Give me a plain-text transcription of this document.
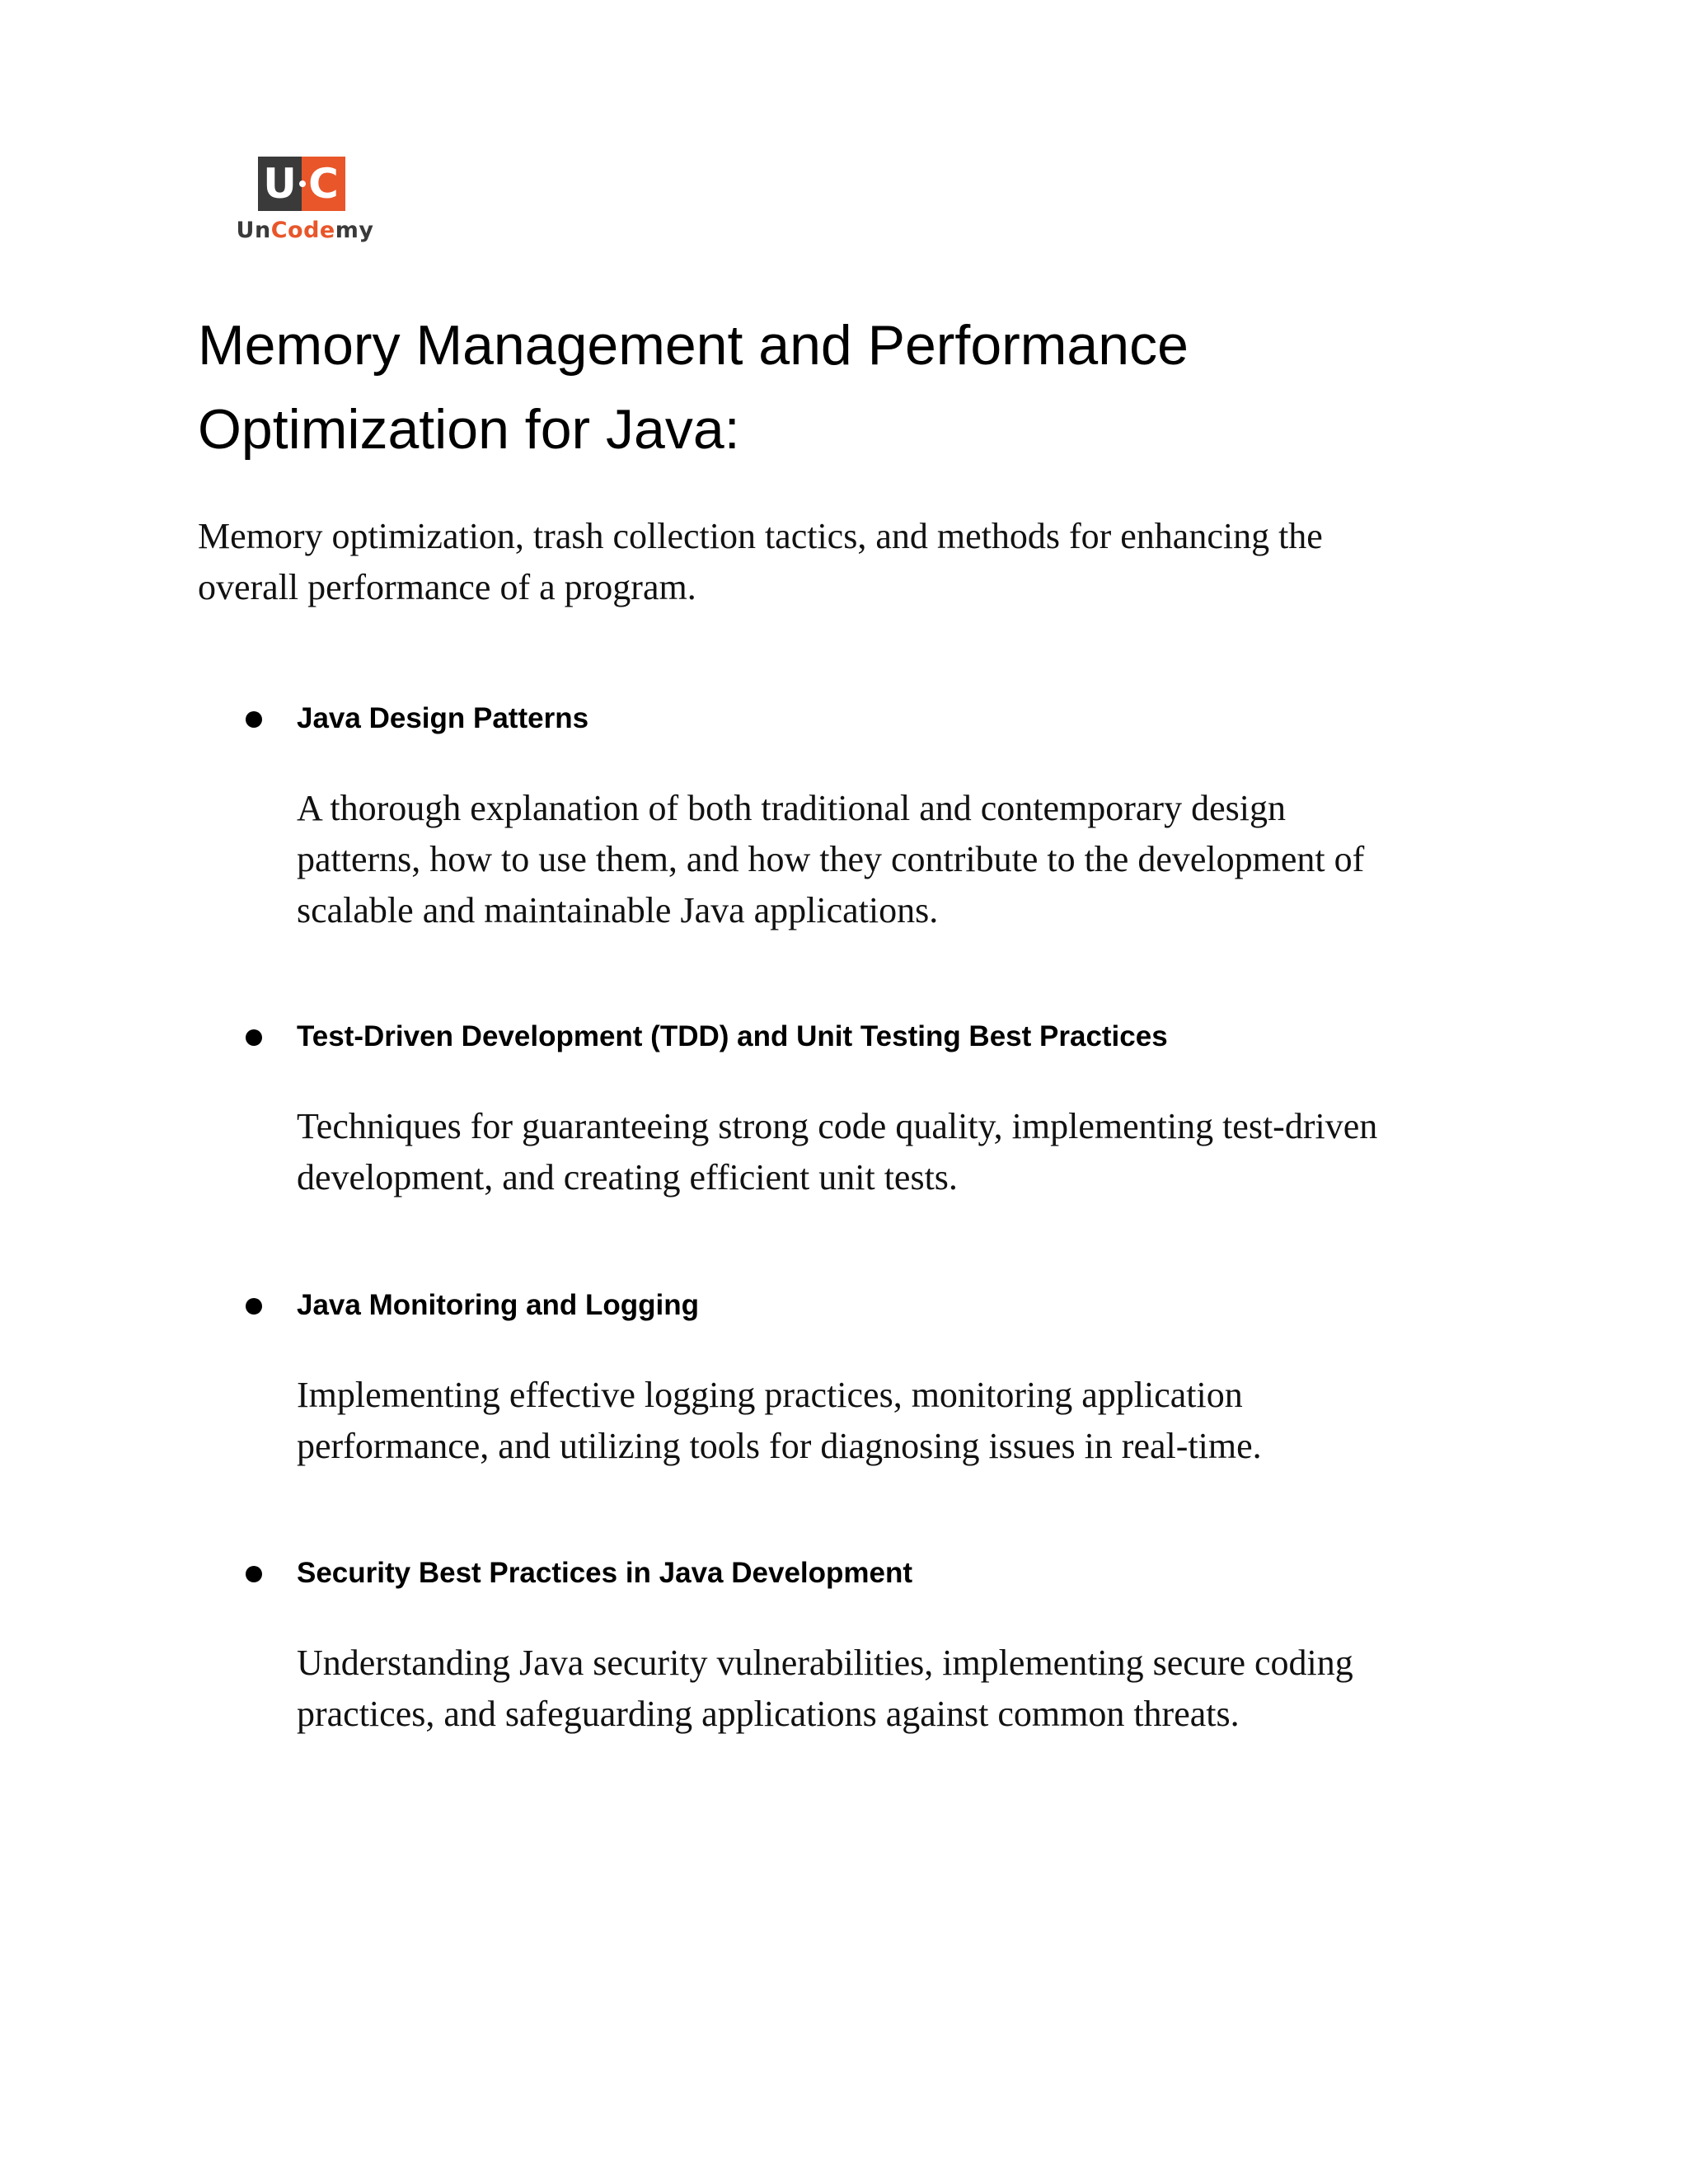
U C
UnCodemy
Memory Management and Performance
Optimization for Java:

Memory optimization, trash collection tactics, and methods for enhancing the
overall performance of a program.

Java Design Patterns

A thorough explanation of both traditional and contemporary design
patterns, how to use them, and how they contribute to the development of
scalable and maintainable Java applications.

Test-Driven Development (TDD) and Unit Testing Best Practices

Techniques for guaranteeing strong code quality, implementing test-driven
development, and creating efficient unit tests.

Java Monitoring and Logging

Implementing effective logging practices, monitoring application
performance, and utilizing tools for diagnosing issues in real-time.

Security Best Practices in Java Development

Understanding Java security vulnerabilities, implementing secure coding
practices, and safeguarding applications against common threats.
